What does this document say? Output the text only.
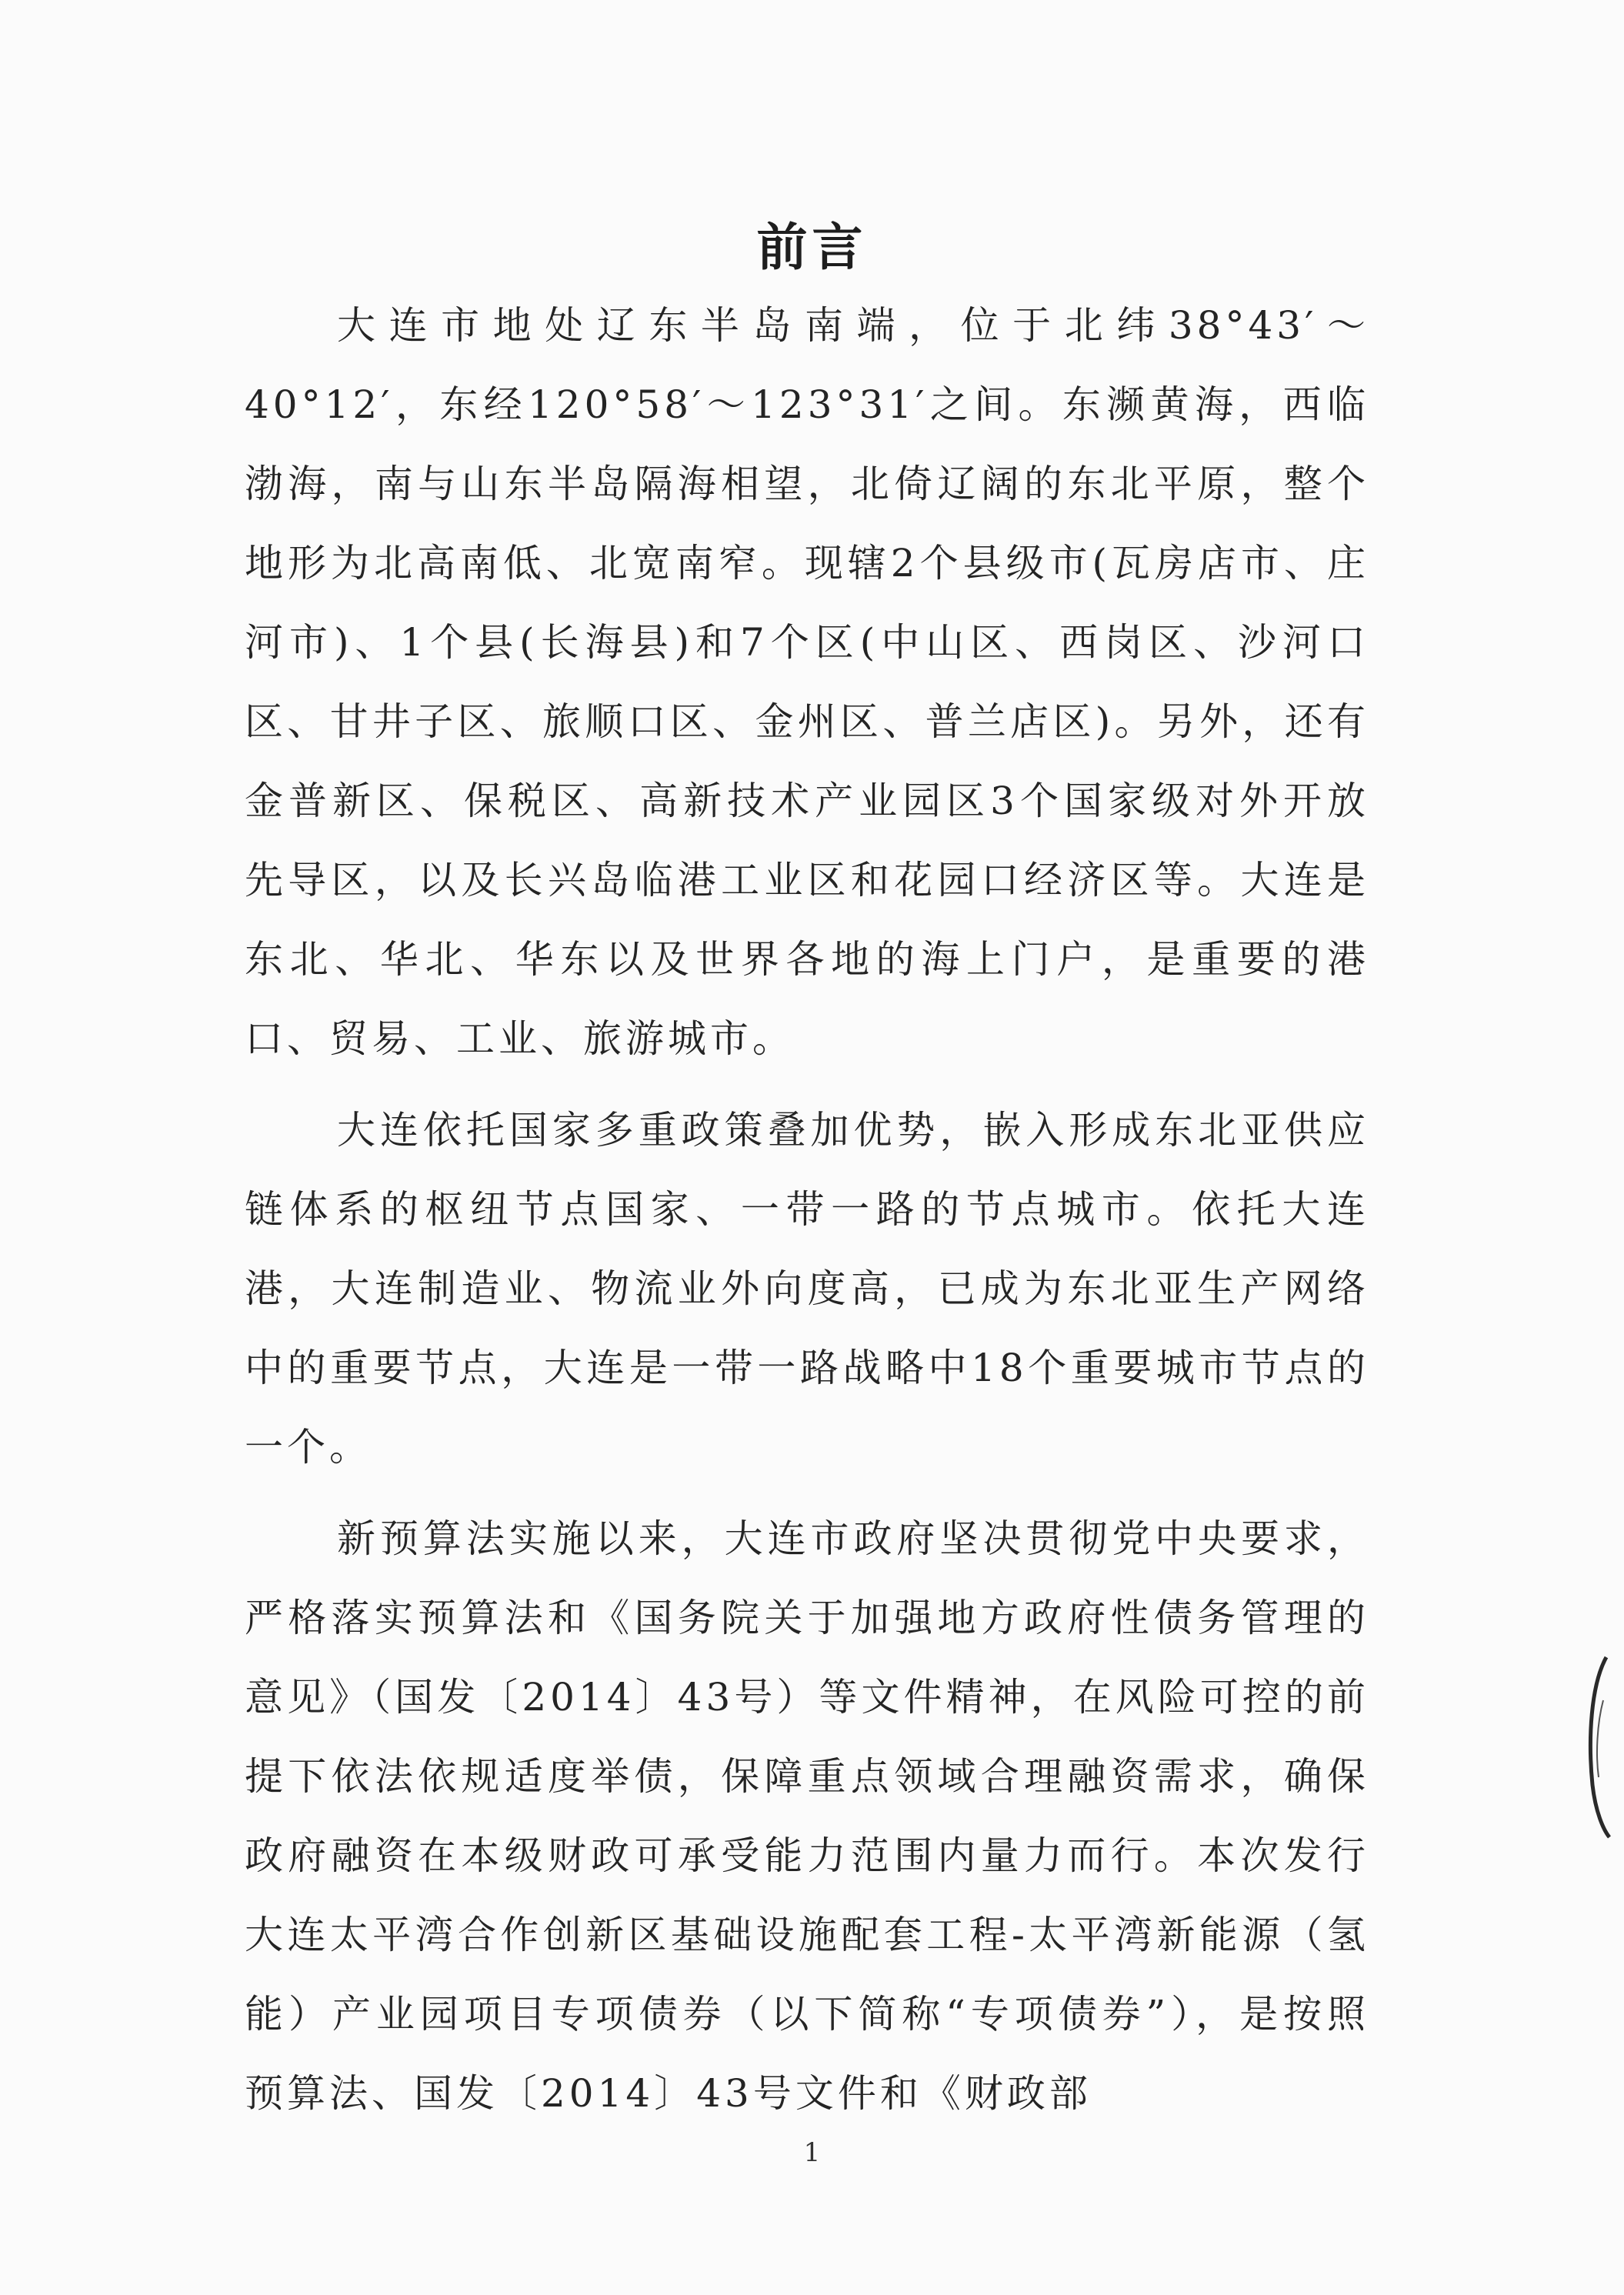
前言

大连市地处辽东半岛南端，位于北纬38°43′～40°12′，东经120°58′～123°31′之间。东濒黄海，西临渤海，南与山东半岛隔海相望，北倚辽阔的东北平原，整个地形为北高南低、北宽南窄。现辖2个县级市(瓦房店市、庄河市)、1个县(长海县)和7个区(中山区、西岗区、沙河口区、甘井子区、旅顺口区、金州区、普兰店区)。另外，还有金普新区、保税区、高新技术产业园区3个国家级对外开放先导区，以及长兴岛临港工业区和花园口经济区等。大连是东北、华北、华东以及世界各地的海上门户，是重要的港口、贸易、工业、旅游城市。

大连依托国家多重政策叠加优势，嵌入形成东北亚供应链体系的枢纽节点国家、一带一路的节点城市。依托大连港，大连制造业、物流业外向度高，已成为东北亚生产网络中的重要节点，大连是一带一路战略中18个重要城市节点的一个。

新预算法实施以来，大连市政府坚决贯彻党中央要求，严格落实预算法和《国务院关于加强地方政府性债务管理的意见》（国发〔2014〕43号）等文件精神，在风险可控的前提下依法依规适度举债，保障重点领域合理融资需求，确保政府融资在本级财政可承受能力范围内量力而行。本次发行大连太平湾合作创新区基础设施配套工程-太平湾新能源（氢能）产业园项目专项债券（以下简称“专项债券”），是按照预算法、国发〔2014〕43号文件和《财政部

1
